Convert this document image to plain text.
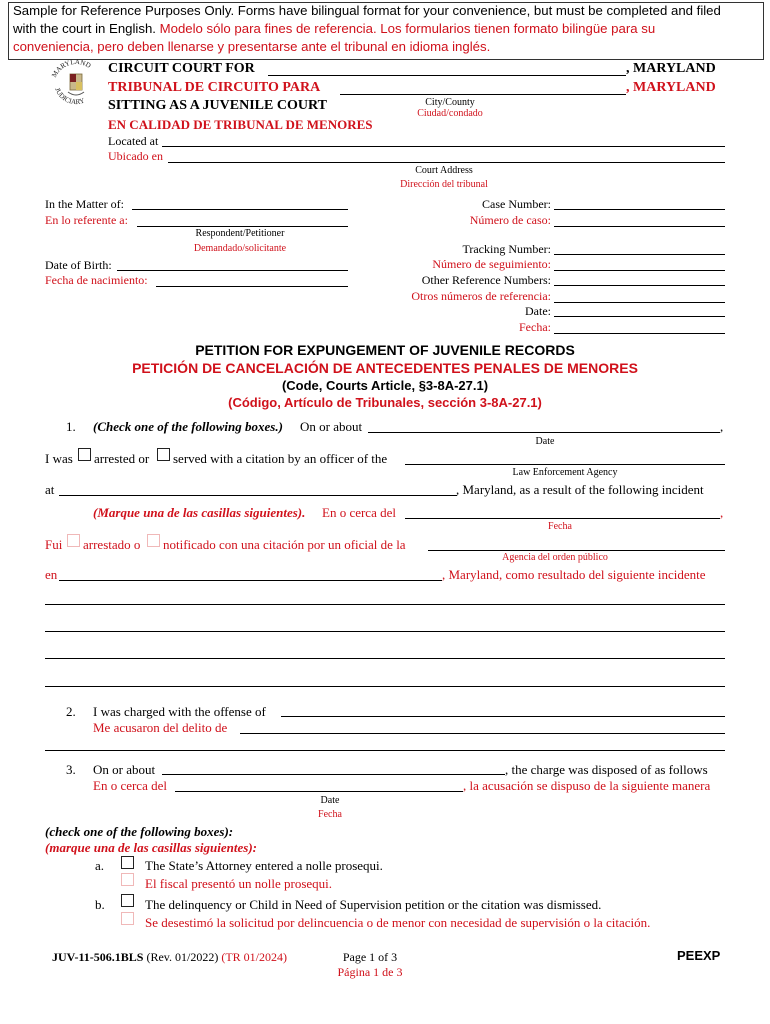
Sample for Reference Purposes Only. Forms have bilingual format for your convenience, but must be completed and filed
with the court in English. Modelo sólo para fines de referencia. Los formularios tienen formato bilingüe para su
conveniencia, pero deben llenarse y presentarse ante el tribunal en idioma inglés.
MARYLAND
JUDICIARY
CIRCUIT COURT FOR	, MARYLAND
TRIBUNAL DE CIRCUITO PARA	, MARYLAND
SITTING AS A JUVENILE COURT	City/County
Ciudad/condado
EN CALIDAD DE TRIBUNAL DE MENORES
Located at
Ubicado en
Court Address
Dirección del tribunal
In the Matter of:
En lo referente a:
Respondent/Petitioner
Demandado/solicitante
Date of Birth:
Fecha de nacimiento:
Case Number:
Número de caso:
Tracking Number:
Número de seguimiento:
Other Reference Numbers:
Otros números de referencia:
Date:
Fecha:
PETITION FOR EXPUNGEMENT OF JUVENILE RECORDS
PETICIÓN DE CANCELACIÓN DE ANTECEDENTES PENALES DE MENORES
(Code, Courts Article, §3-8A-27.1)
(Código, Artículo de Tribunales, sección 3-8A-27.1)
1. (Check one of the following boxes.) On or about	,
Date
I was arrested or served with a citation by an officer of the
Law Enforcement Agency
at	, Maryland, as a result of the following incident
(Marque una de las casillas siguientes). En o cerca del	,
Fecha
Fui arrestado o notificado con una citación por un oficial de la
Agencia del orden público
en	, Maryland, como resultado del siguiente incidente
2. I was charged with the offense of
Me acusaron del delito de
3. On or about	, the charge was disposed of as follows
En o cerca del	, la acusación se dispuso de la siguiente manera
Date
Fecha
(check one of the following boxes):
(marque una de las casillas siguientes):
a.	The State’s Attorney entered a nolle prosequi.
El fiscal presentó un nolle prosequi.
b.	The delinquency or Child in Need of Supervision petition or the citation was dismissed.
Se desestimó la solicitud por delincuencia o de menor con necesidad de supervisión o la citación.
JUV-11-506.1BLS (Rev. 01/2022) (TR 01/2024)	Page 1 of 3
Página 1 de 3
PEEXP
